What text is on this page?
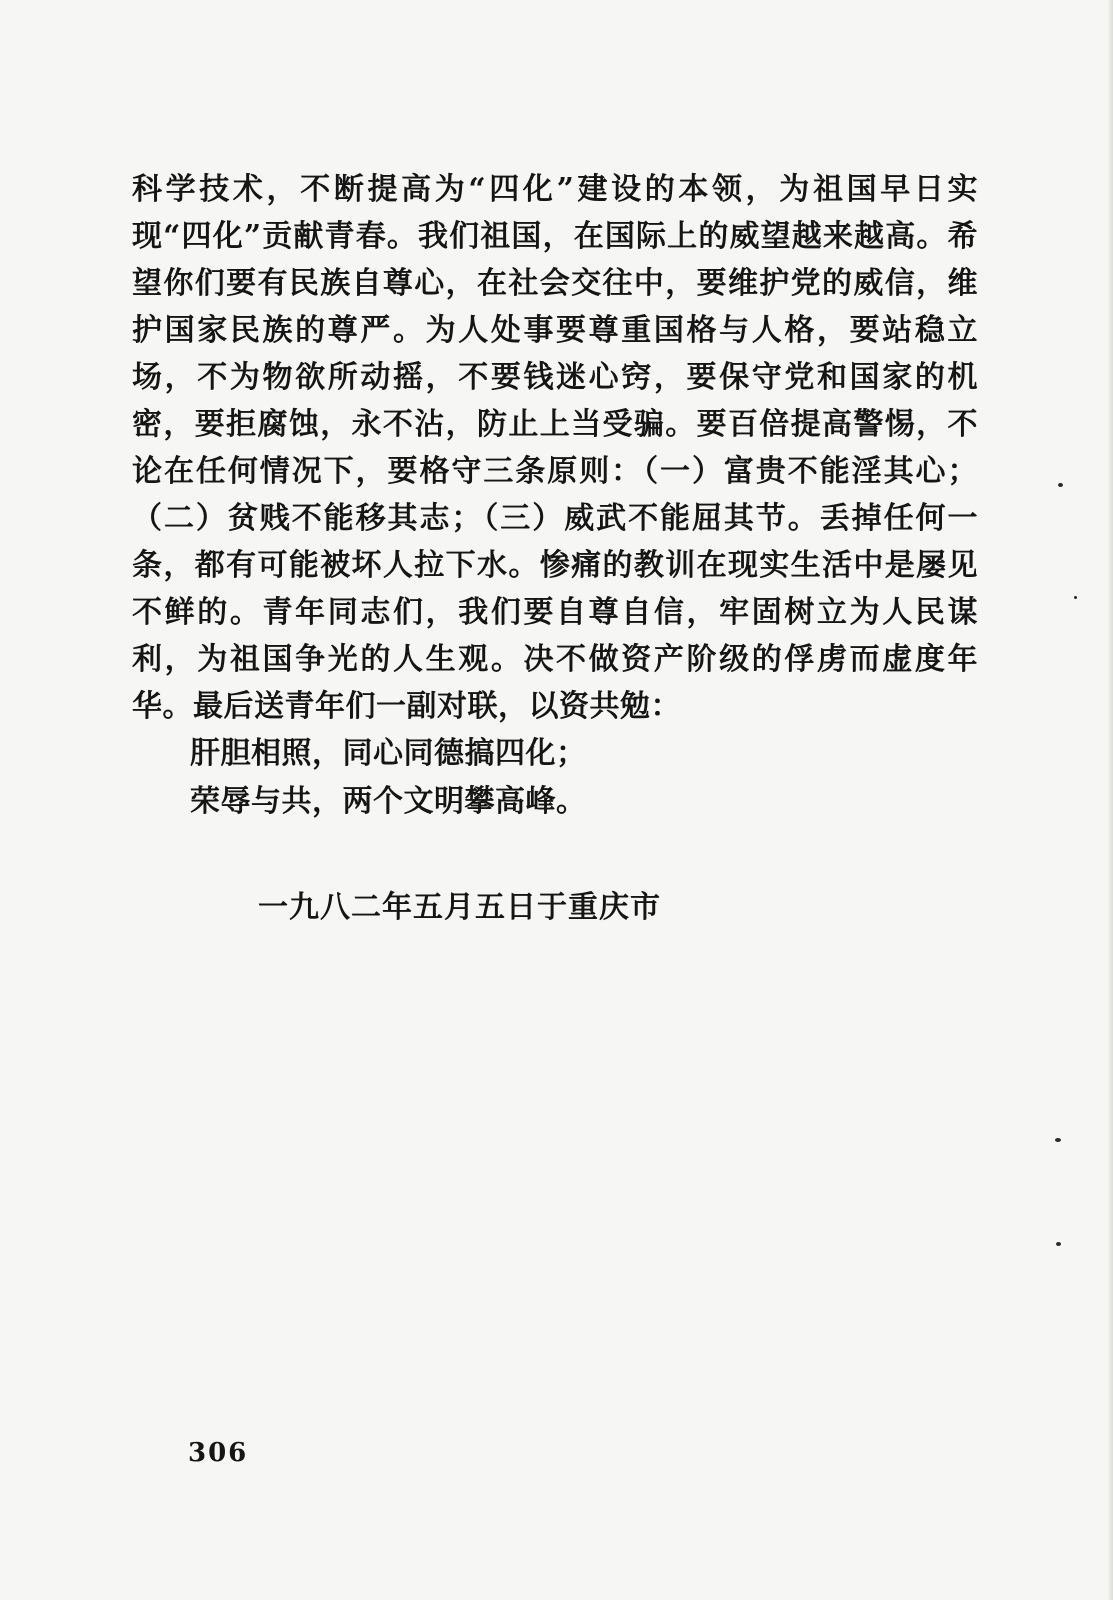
科学技术，不断提高为“四化”建设的本领，为祖国早日实现“四化”贡献青春。我们祖国，在国际上的威望越来越高。希望你们要有民族自尊心，在社会交往中，要维护党的威信，维护国家民族的尊严。为人处事要尊重国格与人格，要站稳立场，不为物欲所动摇，不要钱迷心窍，要保守党和国家的机密，要拒腐蚀，永不沾，防止上当受骗。要百倍提高警惕，不论在任何情况下，要格守三条原则：（一）富贵不能淫其心；（二）贫贱不能移其志；（三）威武不能屈其节。丢掉任何一条，都有可能被坏人拉下水。惨痛的教训在现实生活中是屡见不鲜的。青年同志们，我们要自尊自信，牢固树立为人民谋利，为祖国争光的人生观。决不做资产阶级的俘虏而虚度年华。最后送青年们一副对联，以资共勉：

肝胆相照，同心同德搞四化；
荣辱与共，两个文明攀高峰。
一九八二年五月五日于重庆市
306
